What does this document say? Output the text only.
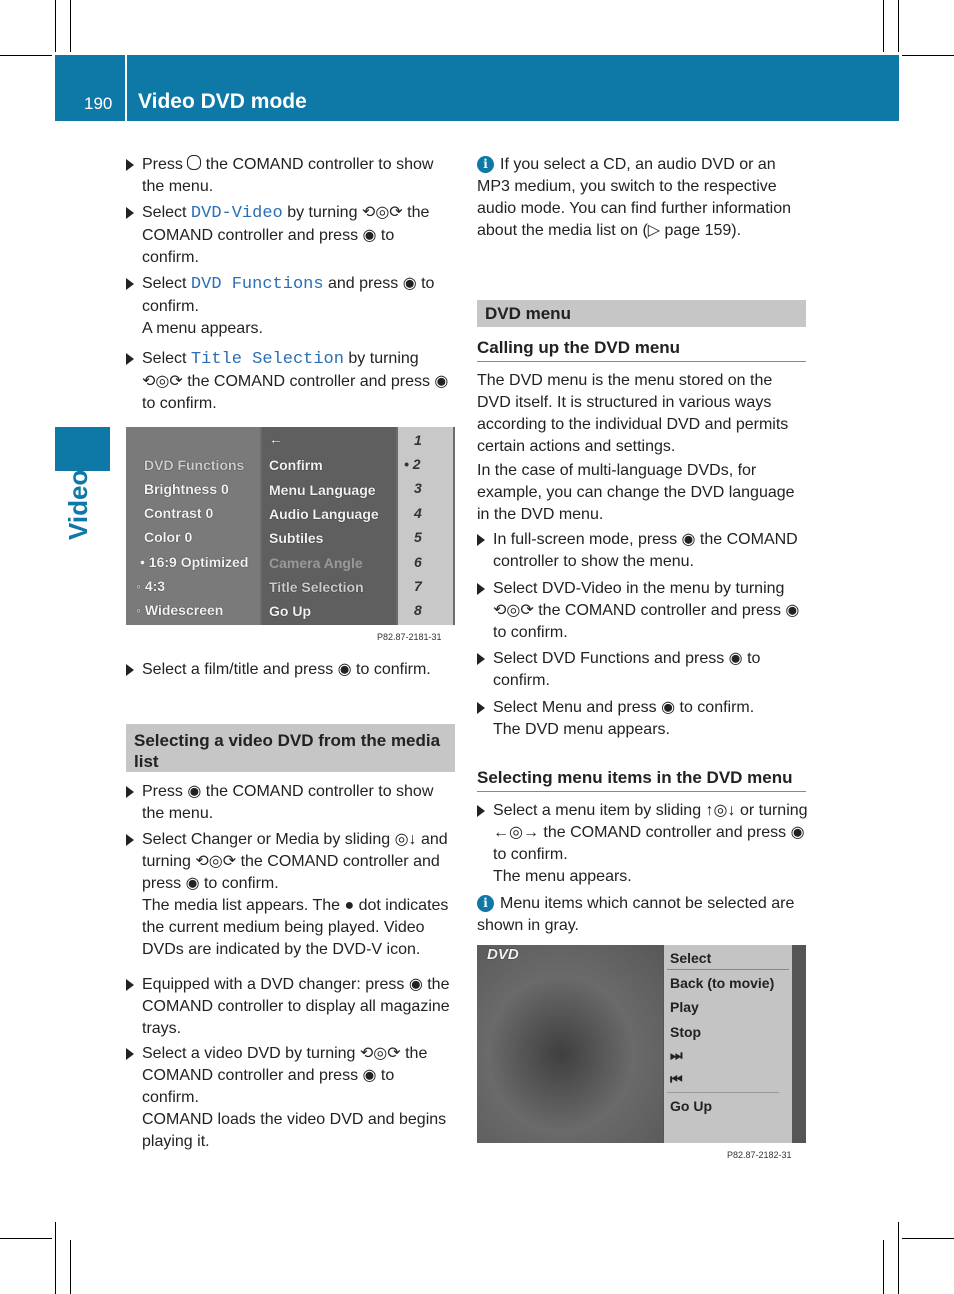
190 Video DVD mode
Video
Press  the COMAND controller to show the menu.
Select DVD-Video by turning ⟲◎⟳ the COMAND controller and press ◉ to confirm.
Select DVD Functions and press ◉ to confirm.
A menu appears.
Select Title Selection by turning ⟲◎⟳ the COMAND controller and press ◉ to confirm.
DVD Functions
Brightness 0
Contrast 0
Color 0
• 16:9 Optimized
◦ 4:3
◦ Widescreen
←
Confirm
Menu Language
Audio Language
Subtiles
Camera Angle
Title Selection
Go Up
1
• 2
3
4
5
6
7
8
P82.87-2181-31
Select a film/title and press ◉ to confirm.
Selecting a video DVD from the media list
Press ◉ the COMAND controller to show the menu.
Select Changer or Media by sliding ◎↓ and turning ⟲◎⟳ the COMAND controller and press ◉ to confirm.
The media list appears. The ● dot indicates the current medium being played. Video DVDs are indicated by the DVD-V icon.
Equipped with a DVD changer: press ◉ the COMAND controller to display all magazine trays.
Select a video DVD by turning ⟲◎⟳ the COMAND controller and press ◉ to confirm.
COMAND loads the video DVD and begins playing it.
i If you select a CD, an audio DVD or an MP3 medium, you switch to the respective audio mode. You can find further information about the media list on (▷ page 159).
DVD menu
Calling up the DVD menu
The DVD menu is the menu stored on the DVD itself. It is structured in various ways according to the individual DVD and permits certain actions and settings.
In the case of multi-language DVDs, for example, you can change the DVD language in the DVD menu.
In full-screen mode, press ◉ the COMAND controller to show the menu.
Select DVD-Video in the menu by turning ⟲◎⟳ the COMAND controller and press ◉ to confirm.
Select DVD Functions and press ◉ to confirm.
Select Menu and press ◉ to confirm.
The DVD menu appears.
Selecting menu items in the DVD menu
Select a menu item by sliding ↑◎↓ or turning ←◎→ the COMAND controller and press ◉ to confirm.
The menu appears.
i Menu items which cannot be selected are shown in gray.
DVD	Select
Back (to movie)
Play
Stop
⏭
⏮
Go Up
P82.87-2182-31
